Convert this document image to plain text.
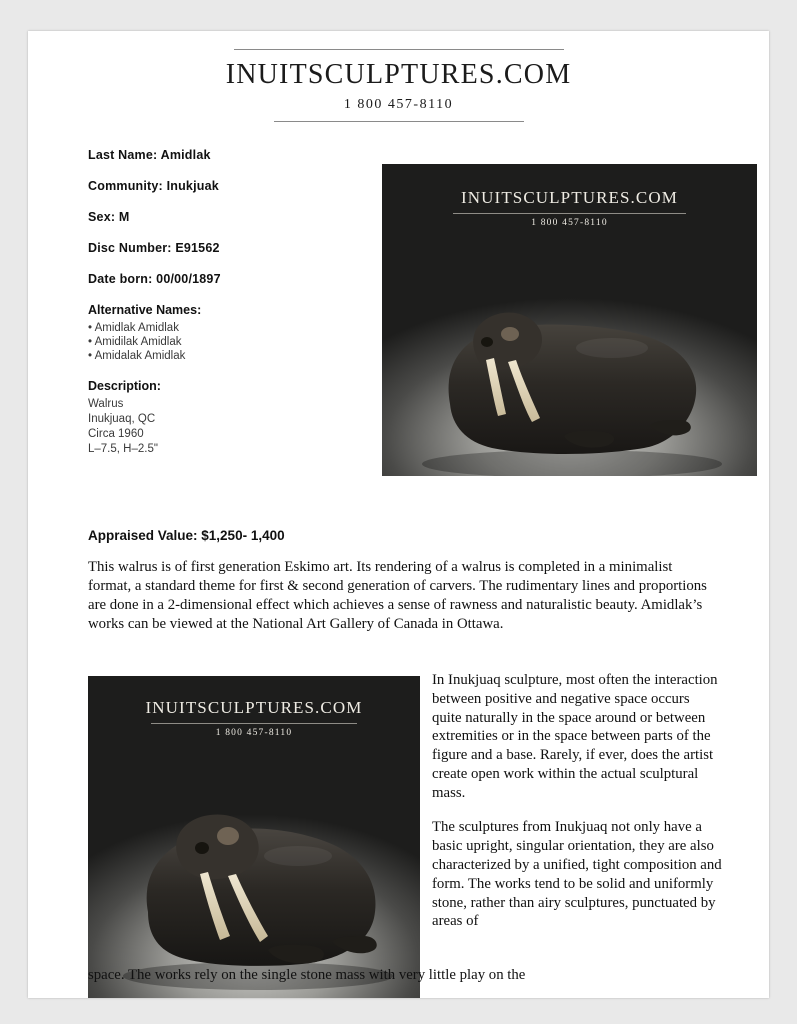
INUITSCULPTURES.COM
1 800 457-8110
INUITSCULPTURES.COM
1 800 457-8110
Last Name: Amidlak
Community: Inukjuak
Sex: M
Disc Number: E91562
Date born: 00/00/1897
Alternative Names:
• Amidlak Amidlak
• Amidilak Amidlak
• Amidalak Amidlak
Description:
Walrus
Inukjuaq, QC
Circa 1960
L–7.5, H–2.5"
Appraised Value: $1,250- 1,400
This walrus is of first generation Eskimo art. Its rendering of a walrus is completed in a minimalist format, a standard theme for first & second generation of carvers. The rudimentary lines and proportions are done in a 2-dimensional effect which achieves a sense of rawness and naturalistic beauty. Amidlak’s works can be viewed at the National Art Gallery of Canada in Ottawa.
INUITSCULPTURES.COM
1 800 457-8110

In Inukjuaq sculpture, most often the interaction between positive and negative space occurs quite naturally in the space around or between extremities or in the space between parts of the figure and a base. Rarely, if ever, does the artist create open work within the actual sculptural mass.

The sculptures from Inukjuaq not only have a basic upright, singular orientation, they are also characterized by a unified, tight composition and form. The works tend to be solid and uniformly stone, rather than airy sculptures, punctuated by areas of

space. The works rely on the single stone mass with very little play on the
